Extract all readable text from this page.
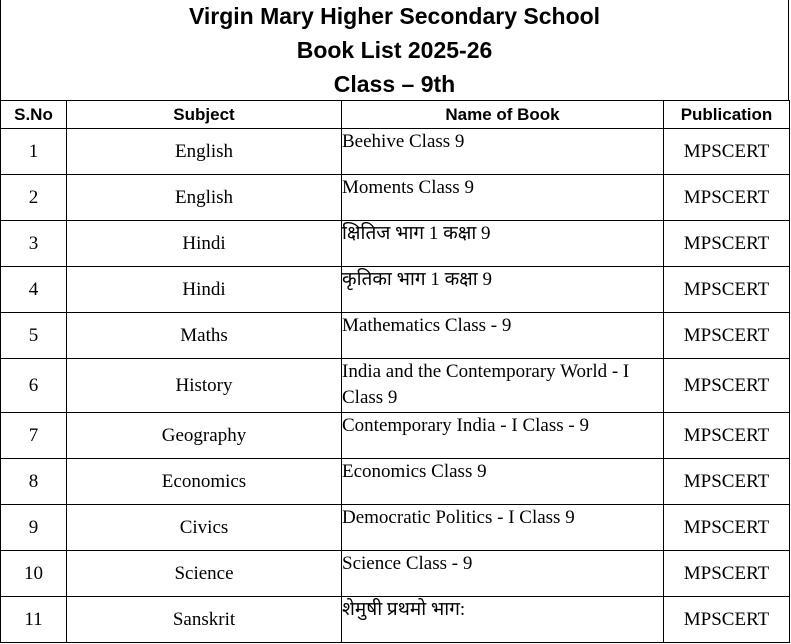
Virgin Mary Higher Secondary School
Book List 2025-26
Class – 9th
S.No	Subject	Name of Book	Publication
1	English	Beehive Class 9	MPSCERT
2	English	Moments Class 9	MPSCERT
3	Hindi	क्षितिज भाग 1 कक्षा 9	MPSCERT
4	Hindi	कृतिका भाग 1 कक्षा 9	MPSCERT
5	Maths	Mathematics Class - 9	MPSCERT
6	History	India and the Contemporary World - I Class 9	MPSCERT
7	Geography	Contemporary India - I Class - 9	MPSCERT
8	Economics	Economics Class 9	MPSCERT
9	Civics	Democratic Politics - I Class 9	MPSCERT
10	Science	Science Class - 9	MPSCERT
11	Sanskrit	शेमुषी प्रथमो भाग:	MPSCERT
